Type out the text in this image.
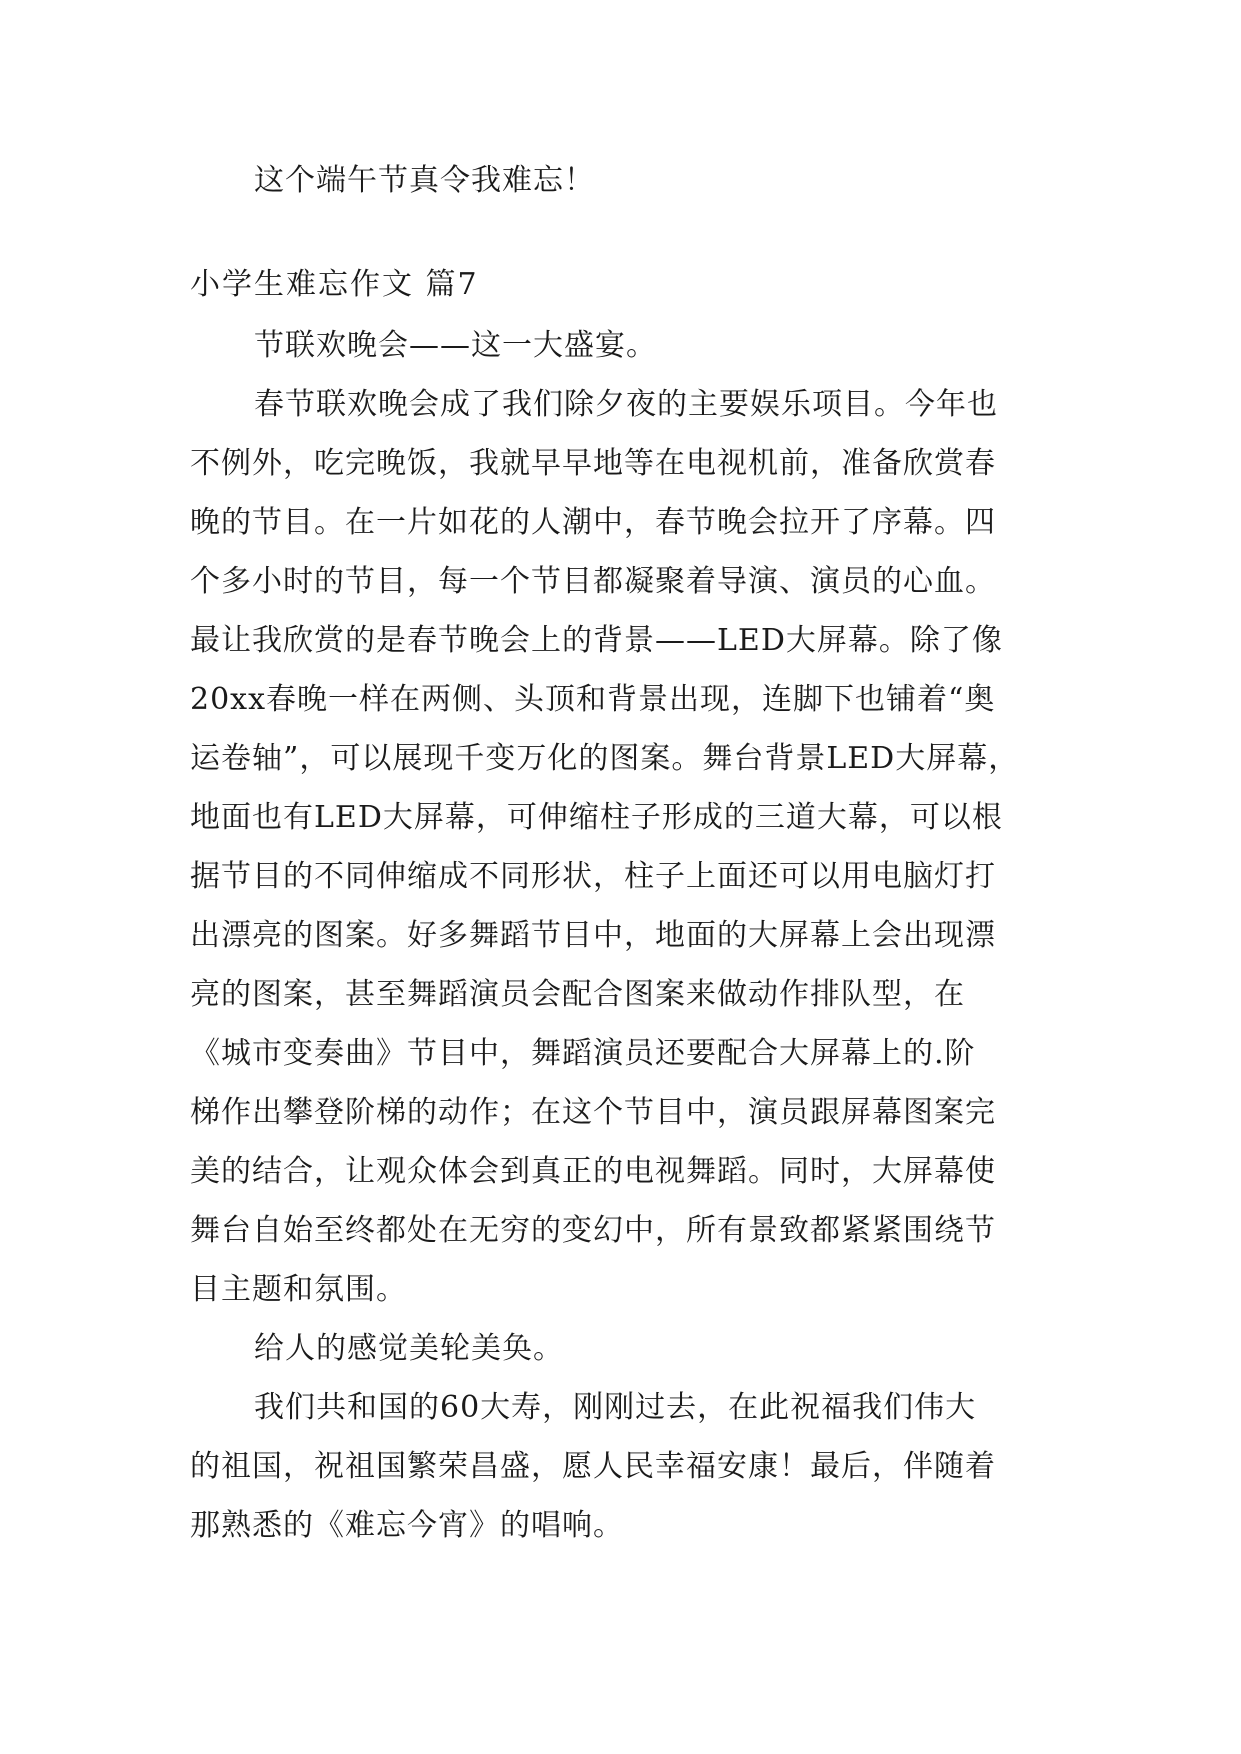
这个端午节真令我难忘！
小学生难忘作文 篇7
节联欢晚会——这一大盛宴。
春节联欢晚会成了我们除夕夜的主要娱乐项目。今年也
不例外，吃完晚饭，我就早早地等在电视机前，准备欣赏春
晚的节目。在一片如花的人潮中，春节晚会拉开了序幕。四
个多小时的节目，每一个节目都凝聚着导演、演员的心血。
最让我欣赏的是春节晚会上的背景——LED大屏幕。除了像
20xx春晚一样在两侧、头顶和背景出现，连脚下也铺着“奥
运卷轴”，可以展现千变万化的图案。舞台背景LED大屏幕，
地面也有LED大屏幕，可伸缩柱子形成的三道大幕，可以根
据节目的不同伸缩成不同形状，柱子上面还可以用电脑灯打
出漂亮的图案。好多舞蹈节目中，地面的大屏幕上会出现漂
亮的图案，甚至舞蹈演员会配合图案来做动作排队型，在
《城市变奏曲》节目中，舞蹈演员还要配合大屏幕上的.阶
梯作出攀登阶梯的动作；在这个节目中，演员跟屏幕图案完
美的结合，让观众体会到真正的电视舞蹈。同时，大屏幕使
舞台自始至终都处在无穷的变幻中，所有景致都紧紧围绕节
目主题和氛围。
给人的感觉美轮美奂。
我们共和国的60大寿，刚刚过去，在此祝福我们伟大
的祖国，祝祖国繁荣昌盛，愿人民幸福安康！最后，伴随着
那熟悉的《难忘今宵》的唱响。
